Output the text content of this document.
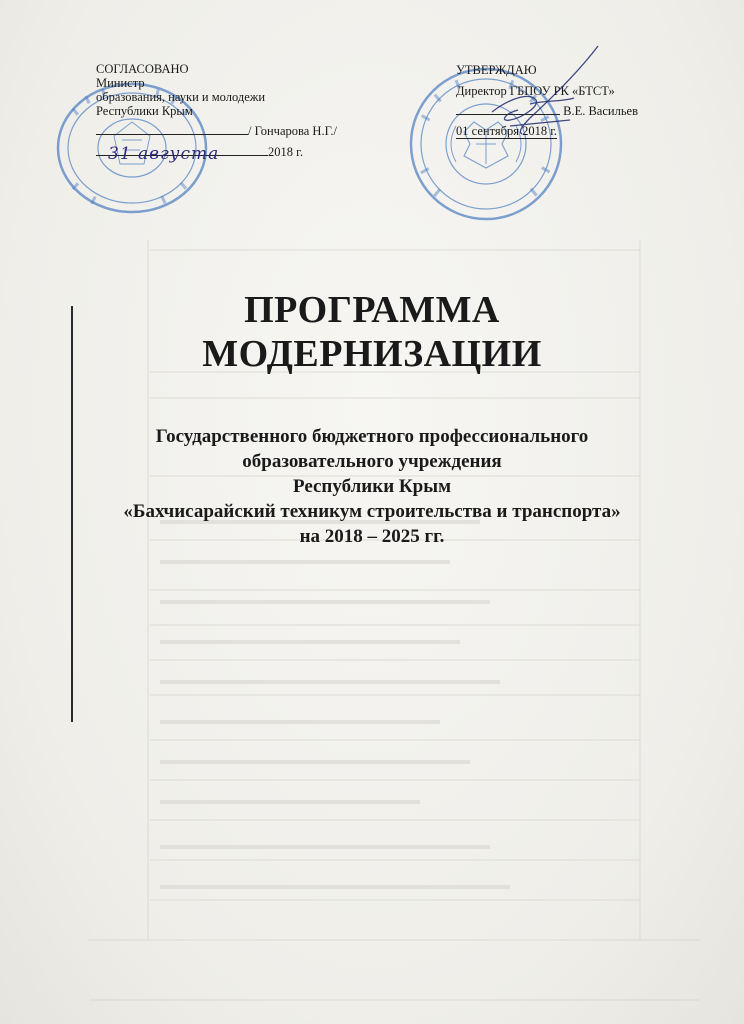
СОГЛАСОВАНО
Министр
образования, науки и молодежи
Республики Крым
/ Гончарова Н.Г./
31 августа	2018 г.
УТВЕРЖДАЮ
Директор ГБПОУ РК «БТСТ»
В.Е. Васильев
01 сентября 2018 г.
ПРОГРАММА
МОДЕРНИЗАЦИИ
Государственного бюджетного профессионального
образовательного учреждения
Республики Крым
«Бахчисарайский техникум строительства и транспорта»
на 2018 – 2025 гг.
